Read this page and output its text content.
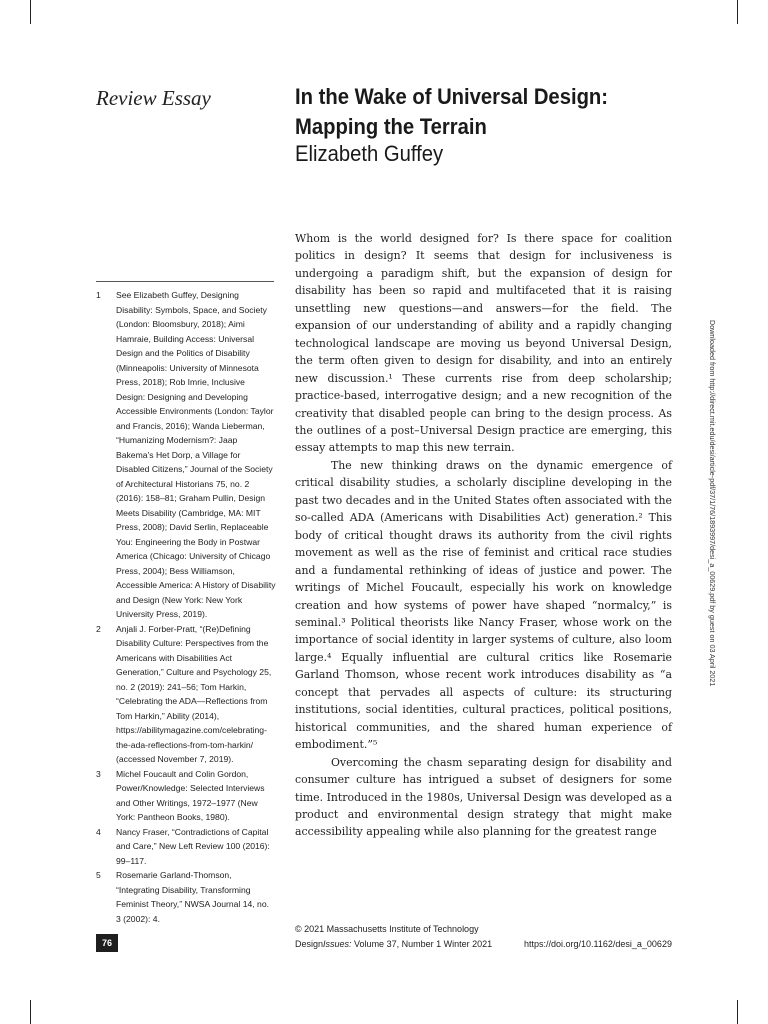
Review Essay	In the Wake of Universal Design:
Mapping the Terrain
Elizabeth Guffey

Whom is the world designed for? Is there space for coalition politics in design? It seems that design for inclusiveness is undergoing a paradigm shift, but the expansion of design for disability has been so rapid and multifaceted that it is raising unsettling new questions—and answers—for the field. The expansion of our understanding of ability and a rapidly changing technological landscape are moving us beyond Universal Design, the term often given to design for disability, and into an entirely new discussion.¹ These currents rise from deep scholarship; practice-based, interrogative design; and a new recognition of the creativity that disabled people can bring to the design process. As the outlines of a post–Universal Design practice are emerging, this essay attempts to map this new terrain.

The new thinking draws on the dynamic emergence of critical disability studies, a scholarly discipline developing in the past two decades and in the United States often associated with the so-called ADA (Americans with Disabilities Act) generation.² This body of critical thought draws its authority from the civil rights movement as well as the rise of feminist and critical race studies and a fundamental rethinking of ideas of justice and power. The writings of Michel Foucault, especially his work on knowledge creation and how systems of power have shaped “normalcy,” is seminal.³ Political theorists like Nancy Fraser, whose work on the importance of social identity in larger systems of culture, also loom large.⁴ Equally influential are cultural critics like Rosemarie Garland Thomson, whose recent work introduces disability as “a concept that pervades all aspects of culture: its structuring institutions, social identities, cultural practices, political positions, historical communities, and the shared human experience of embodiment.”⁵

Overcoming the chasm separating design for disability and consumer culture has intrigued a subset of designers for some time. Introduced in the 1980s, Universal Design was developed as a product and environmental design strategy that might make accessibility appealing while also planning for the greatest range

1	See Elizabeth Guffey, Designing Disability: Symbols, Space, and Society (London: Bloomsbury, 2018); Aimi Hamraie, Building Access: Universal Design and the Politics of Disability (Minneapolis: University of Minnesota Press, 2018); Rob Imrie, Inclusive Design: Designing and Developing Accessible Environments (London: Taylor and Francis, 2016); Wanda Lieberman, “Humanizing Modernism?: Jaap Bakema’s Het Dorp, a Village for Disabled Citizens,” Journal of the Society of Architectural Historians 75, no. 2 (2016): 158–81; Graham Pullin, Design Meets Disability (Cambridge, MA: MIT Press, 2008); David Serlin, Replaceable You: Engineering the Body in Postwar America (Chicago: University of Chicago Press, 2004); Bess Williamson, Accessible America: A History of Disability and Design (New York: New York University Press, 2019).
2	Anjali J. Forber-Pratt, “(Re)Defining Disability Culture: Perspectives from the Americans with Disabilities Act Generation,” Culture and Psychology 25, no. 2 (2019): 241–56; Tom Harkin, “Celebrating the ADA—Reflections from Tom Harkin,” Ability (2014), https://abilitymagazine.com/celebrating-the-ada-reflections-from-tom-harkin/ (accessed November 7, 2019).
3	Michel Foucault and Colin Gordon, Power/Knowledge: Selected Interviews and Other Writings, 1972–1977 (New York: Pantheon Books, 1980).
4	Nancy Fraser, “Contradictions of Capital and Care,” New Left Review 100 (2016): 99–117.
5	Rosemarie Garland-Thomson, “Integrating Disability, Transforming Feminist Theory,” NWSA Journal 14, no. 3 (2002): 4.
Downloaded from http://direct.mit.edu/desi/article-pdf/37/1/76/1893997/desi_a_00629.pdf by guest on 03 April 2021
76
© 2021 Massachusetts Institute of Technology
DesignIssues: Volume 37, Number 1 Winter 2021	https://doi.org/10.1162/desi_a_00629
